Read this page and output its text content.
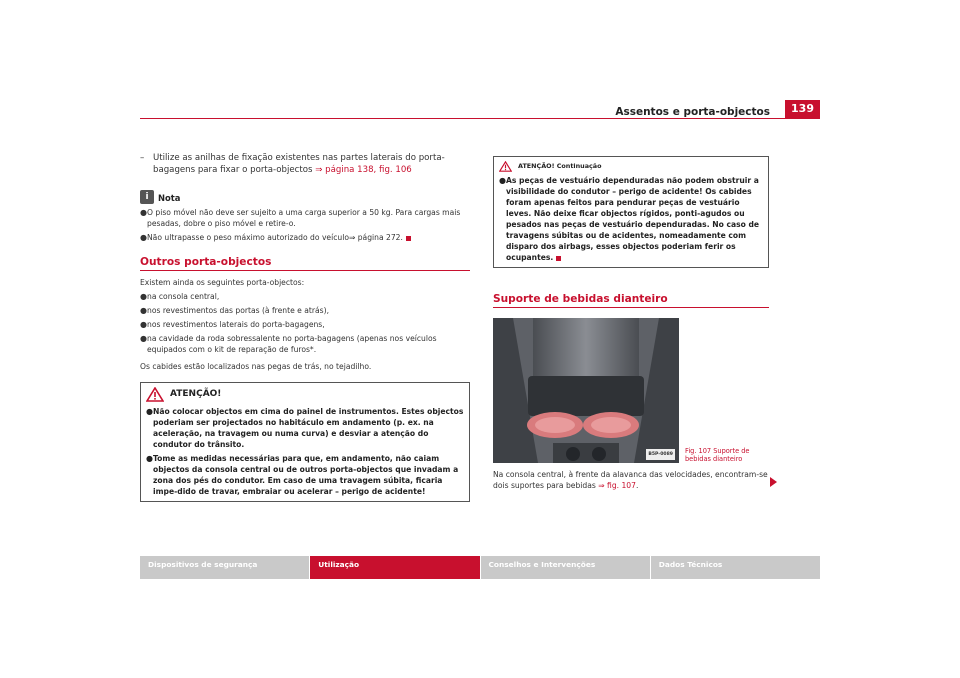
Assentos e porta-objectos	139
– Utilize as anilhas de fixação existentes nas partes laterais do porta-bagagens para fixar o porta-objectos ⇒ página 138, fig. 106
i	Nota
● O piso móvel não deve ser sujeito a uma carga superior a 50 kg. Para cargas mais pesadas, dobre o piso móvel e retire-o.
● Não ultrapasse o peso máximo autorizado do veículo⇒ página 272.
Outros porta-objectos
Existem ainda os seguintes porta-objectos:
● na consola central,
● nos revestimentos das portas (à frente e atrás),
● nos revestimentos laterais do porta-bagagens,
● na cavidade da roda sobressalente no porta-bagagens (apenas nos veículos equipados com o kit de reparação de furos*.
Os cabides estão localizados nas pegas de trás, no tejadilho.
ATENÇÃO!
● Não colocar objectos em cima do painel de instrumentos. Estes objectos poderiam ser projectados no habitáculo em andamento (p. ex. na aceleração, na travagem ou numa curva) e desviar a atenção do condutor do trânsito.
● Tome as medidas necessárias para que, em andamento, não caiam objectos da consola central ou de outros porta-objectos que invadam a zona dos pés do condutor. Em caso de uma travagem súbita, ficaria impe-dido de travar, embraiar ou acelerar – perigo de acidente!
ATENÇÃO! Continuação
● As peças de vestuário dependuradas não podem obstruir a visibilidade do condutor – perigo de acidente! Os cabides foram apenas feitos para pendurar peças de vestuário leves. Não deixe ficar objectos rígidos, ponti-agudos ou pesados nas peças de vestuário dependuradas. No caso de travagens súbitas ou de acidentes, nomeadamente com disparo dos airbags, esses objectos poderiam ferir os ocupantes.
Suporte de bebidas dianteiro
B5P-0089	Fig. 107 Suporte de bebidas dianteiro
Na consola central, à frente da alavanca das velocidades, encontram-se dois suportes para bebidas ⇒ fig. 107.
Dispositivos de segurança	Utilização	Conselhos e Intervenções	Dados Técnicos
